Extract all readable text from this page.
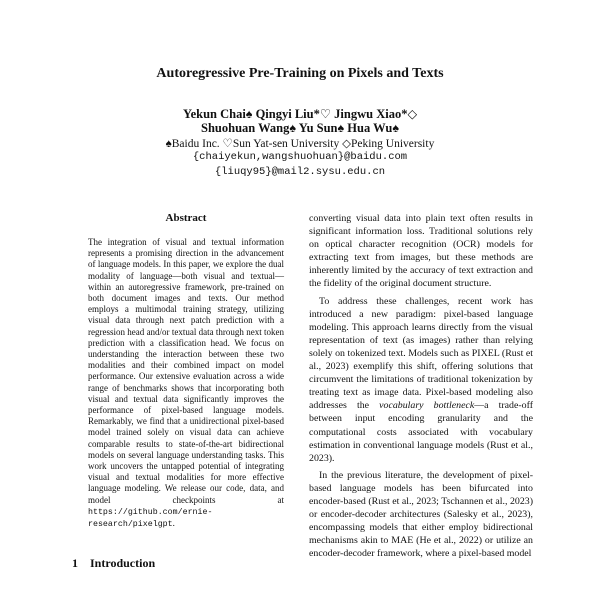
Autoregressive Pre-Training on Pixels and Texts
Yekun Chai♠ Qingyi Liu*♡ Jingwu Xiao*◇
Shuohuan Wang♠ Yu Sun♠ Hua Wu♠
♠Baidu Inc. ♡Sun Yat-sen University ◇Peking University
{chaiyekun,wangshuohuan}@baidu.com
{liuqy95}@mail2.sysu.edu.cn
Abstract
The integration of visual and textual information represents a promising direction in the advancement of language models. In this paper, we explore the dual modality of language—both visual and textual—within an autoregressive framework, pre-trained on both document images and texts. Our method employs a multimodal training strategy, utilizing visual data through next patch prediction with a regression head and/or textual data through next token prediction with a classification head. We focus on understanding the interaction between these two modalities and their combined impact on model performance. Our extensive evaluation across a wide range of benchmarks shows that incorporating both visual and textual data significantly improves the performance of pixel-based language models. Remarkably, we find that a unidirectional pixel-based model trained solely on visual data can achieve comparable results to state-of-the-art bidirectional models on several language understanding tasks. This work uncovers the untapped potential of integrating visual and textual modalities for more effective language modeling. We release our code, data, and model checkpoints at https://github.com/ernie-research/pixelgpt.
1 Introduction

converting visual data into plain text often results in significant information loss. Traditional solutions rely on optical character recognition (OCR) models for extracting text from images, but these methods are inherently limited by the accuracy of text extraction and the fidelity of the original document structure.

To address these challenges, recent work has introduced a new paradigm: pixel-based language modeling. This approach learns directly from the visual representation of text (as images) rather than relying solely on tokenized text. Models such as PIXEL (Rust et al., 2023) exemplify this shift, offering solutions that circumvent the limitations of traditional tokenization by treating text as image data. Pixel-based modeling also addresses the vocabulary bottleneck—a trade-off between input encoding granularity and the computational costs associated with vocabulary estimation in conventional language models (Rust et al., 2023).

In the previous literature, the development of pixel-based language models has been bifurcated into encoder-based (Rust et al., 2023; Tschannen et al., 2023) or encoder-decoder architectures (Salesky et al., 2023), encompassing models that either employ bidirectional mechanisms akin to MAE (He et al., 2022) or utilize an encoder-decoder framework, where a pixel-based model
